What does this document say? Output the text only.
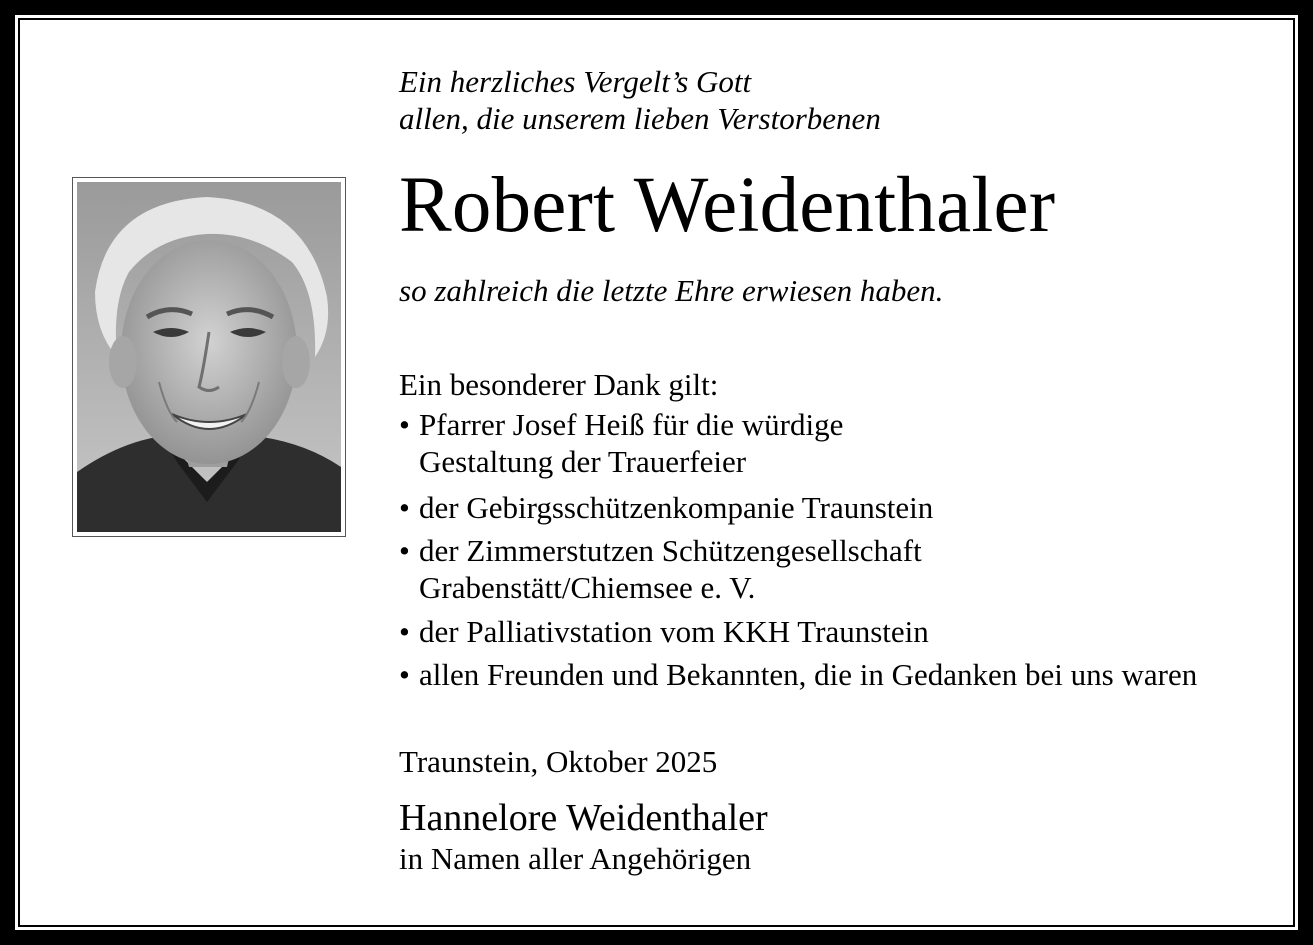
Ein herzliches Vergelt’s Gott
allen, die unserem lieben Verstorbenen
Robert Weidenthaler
so zahlreich die letzte Ehre erwiesen haben.
Ein besonderer Dank gilt:
• Pfarrer Josef Heiß für die würdige
Gestaltung der Trauerfeier
• der Gebirgsschützenkompanie Traunstein
• der Zimmerstutzen Schützengesellschaft
Grabenstätt/Chiemsee e. V.
• der Palliativstation vom KKH Traunstein
• allen Freunden und Bekannten, die in Gedanken bei uns waren
Traunstein, Oktober 2025
Hannelore Weidenthaler
in Namen aller Angehörigen
